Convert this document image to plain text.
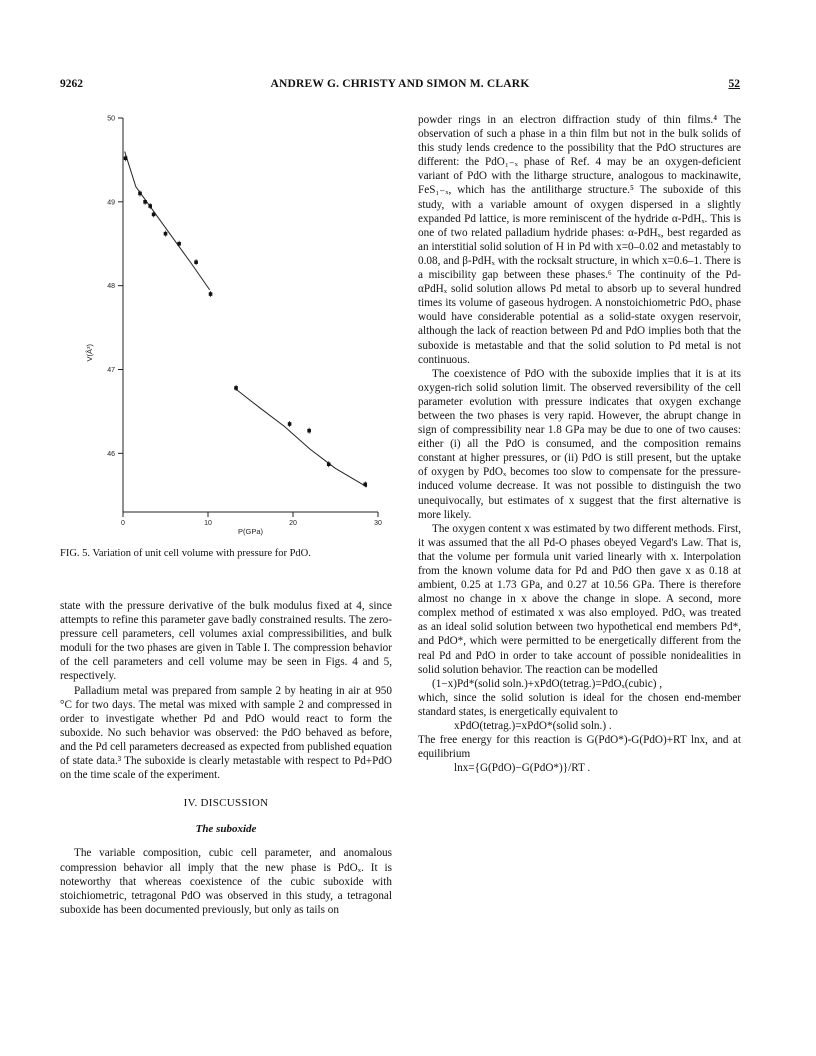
9262	ANDREW G. CHRISTY AND SIMON M. CLARK	52
46
47
48
49
50
0	10	20	30
P(GPa)
V(Å³)
FIG. 5. Variation of unit cell volume with pressure for PdO.

state with the pressure derivative of the bulk modulus fixed at 4, since attempts to refine this parameter gave badly constrained results. The zero-pressure cell parameters, cell volumes axial compressibilities, and bulk moduli for the two phases are given in Table I. The compression behavior of the cell parameters and cell volume may be seen in Figs. 4 and 5, respectively.

Palladium metal was prepared from sample 2 by heating in air at 950 °C for two days. The metal was mixed with sample 2 and compressed in order to investigate whether Pd and PdO would react to form the suboxide. No such behavior was observed: the PdO behaved as before, and the Pd cell parameters decreased as expected from published equation of state data.³ The suboxide is clearly metastable with respect to Pd+PdO on the time scale of the experiment.

IV. DISCUSSION
The suboxide

The variable composition, cubic cell parameter, and anomalous compression behavior all imply that the new phase is PdOₓ. It is noteworthy that whereas coexistence of the cubic suboxide with stoichiometric, tetragonal PdO was observed in this study, a tetragonal suboxide has been documented previously, but only as tails on

powder rings in an electron diffraction study of thin films.⁴ The observation of such a phase in a thin film but not in the bulk solids of this study lends credence to the possibility that the PdO structures are different: the PdO₁₋ₓ phase of Ref. 4 may be an oxygen-deficient variant of PdO with the litharge structure, analogous to mackinawite, FeS₁₋ₓ, which has the antilitharge structure.⁵ The suboxide of this study, with a variable amount of oxygen dispersed in a slightly expanded Pd lattice, is more reminiscent of the hydride α-PdHₓ. This is one of two related palladium hydride phases: α-PdHₓ, best regarded as an interstitial solid solution of H in Pd with x=0–0.02 and metastably to 0.08, and β-PdHₓ with the rocksalt structure, in which x=0.6–1. There is a miscibility gap between these phases.⁶ The continuity of the Pd-αPdHₓ solid solution allows Pd metal to absorb up to several hundred times its volume of gaseous hydrogen. A nonstoichiometric PdOₓ phase would have considerable potential as a solid-state oxygen reservoir, although the lack of reaction between Pd and PdO implies both that the suboxide is metastable and that the solid solution to Pd metal is not continuous.

The coexistence of PdO with the suboxide implies that it is at its oxygen-rich solid solution limit. The observed reversibility of the cell parameter evolution with pressure indicates that oxygen exchange between the two phases is very rapid. However, the abrupt change in sign of compressibility near 1.8 GPa may be due to one of two causes: either (i) all the PdO is consumed, and the composition remains constant at higher pressures, or (ii) PdO is still present, but the uptake of oxygen by PdOₓ becomes too slow to compensate for the pressure-induced volume decrease. It was not possible to distinguish the two unequivocally, but estimates of x suggest that the first alternative is more likely.

The oxygen content x was estimated by two different methods. First, it was assumed that the all Pd-O phases obeyed Vegard's Law. That is, that the volume per formula unit varied linearly with x. Interpolation from the known volume data for Pd and PdO then gave x as 0.18 at ambient, 0.25 at 1.73 GPa, and 0.27 at 10.56 GPa. There is therefore almost no change in x above the change in slope. A second, more complex method of estimated x was also employed. PdOₓ was treated as an ideal solid solution between two hypothetical end members Pd*, and PdO*, which were permitted to be energetically different from the real Pd and PdO in order to take account of possible nonidealities in solid solution behavior. The reaction can be modelled

(1−x)Pd*(solid soln.)+xPdO(tetrag.)=PdOₓ(cubic) ,

which, since the solid solution is ideal for the chosen end-member standard states, is energetically equivalent to

xPdO(tetrag.)=xPdO*(solid soln.) .

The free energy for this reaction is G(PdO*)-G(PdO)+RT lnx, and at equilibrium

lnx={G(PdO)−G(PdO*)}/RT .
